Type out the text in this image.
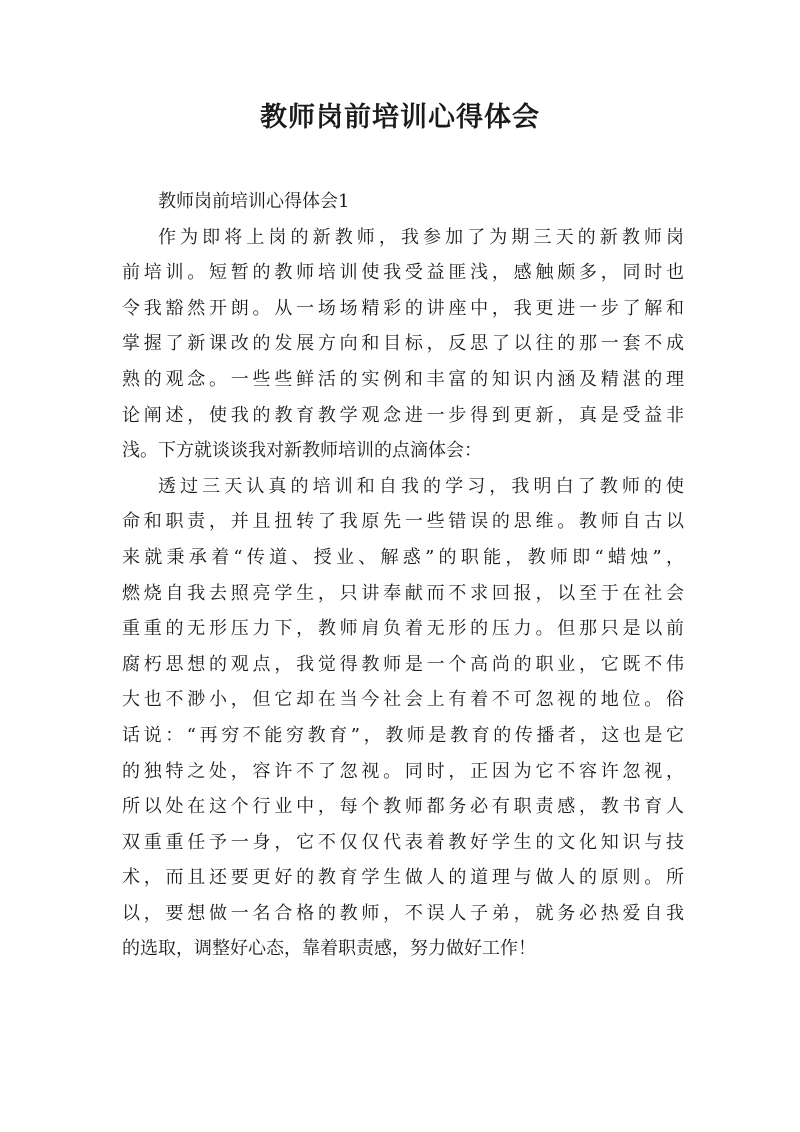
教师岗前培训心得体会
教师岗前培训心得体会1
作为即将上岗的新教师，我参加了为期三天的新教师岗
前培训。短暂的教师培训使我受益匪浅，感触颇多，同时也
令我豁然开朗。从一场场精彩的讲座中，我更进一步了解和
掌握了新课改的发展方向和目标，反思了以往的那一套不成
熟的观念。一些些鲜活的实例和丰富的知识内涵及精湛的理
论阐述，使我的教育教学观念进一步得到更新，真是受益非
浅。下方就谈谈我对新教师培训的点滴体会：
透过三天认真的培训和自我的学习，我明白了教师的使
命和职责，并且扭转了我原先一些错误的思维。教师自古以
来就秉承着“传道、授业、解惑”的职能，教师即“蜡烛”，
燃烧自我去照亮学生，只讲奉献而不求回报，以至于在社会
重重的无形压力下，教师肩负着无形的压力。但那只是以前
腐朽思想的观点，我觉得教师是一个高尚的职业，它既不伟
大也不渺小，但它却在当今社会上有着不可忽视的地位。俗
话说：“再穷不能穷教育”，教师是教育的传播者，这也是它
的独特之处，容许不了忽视。同时，正因为它不容许忽视，
所以处在这个行业中，每个教师都务必有职责感，教书育人
双重重任予一身，它不仅仅代表着教好学生的文化知识与技
术，而且还要更好的教育学生做人的道理与做人的原则。所
以，要想做一名合格的教师，不误人子弟，就务必热爱自我
的选取，调整好心态，靠着职责感，努力做好工作！
